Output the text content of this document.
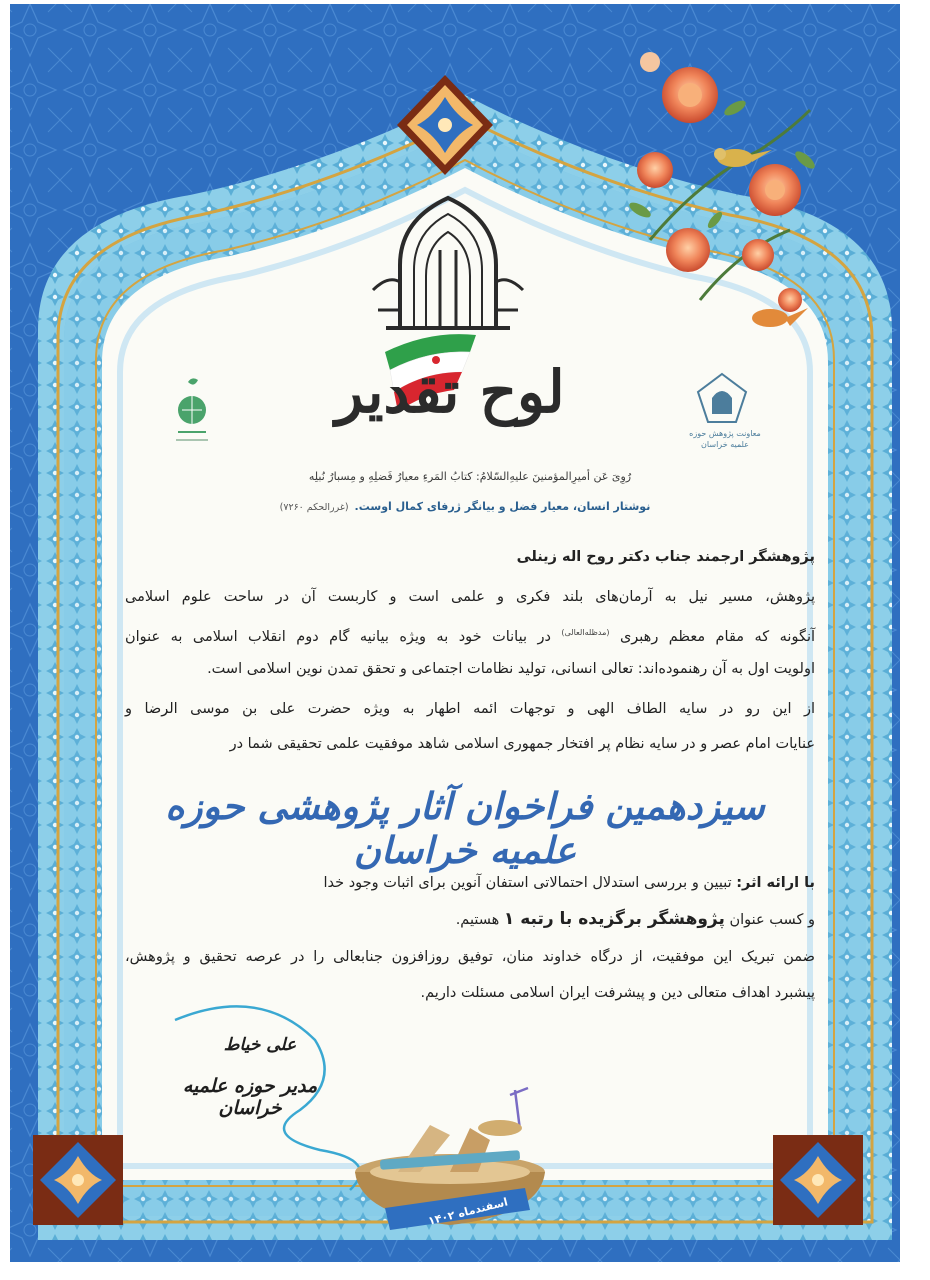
معاونت پژوهش حوزه علمیه خراسان
لوح تقدیر
رُوِیَ عَن أمیرِالمؤمنینَ علیهِ‌السّلامُ: کتابُ المَرءِ معیارُ فَضلِهِ و مِسبارُ نُبلِه
نوشتار انسان، معیار فضل و بیانگر ژرفای کمال اوست.(غررالحکم ۷۲۶۰)
پژوهشگر ارجمند جناب دکتر روح اله زینلی
پژوهش، مسیر نیل به آرمان‌های بلند فکری و علمی است و کاربست آن در ساحت علوم اسلامی
آنگونه که مقام معظم رهبری $^{(مدظله‌العالی)}$ در بیانات خود به ویژه بیانیه گام دوم انقلاب اسلامی به عنوان
اولویت اول به آن رهنموده‌اند: تعالی انسانی، تولید نظامات اجتماعی و تحقق تمدن نوین اسلامی است.
از این رو در سایه الطاف الهی و توجهات ائمه اطهار به ویژه حضرت علی بن موسی الرضا و
عنایات امام عصر و در سایه نظام پر افتخار جمهوری اسلامی شاهد موفقیت علمی تحقیقی شما در
سیزدهمین فراخوان آثار پژوهشی حوزه علمیه خراسان
با ارائه اثر: تبیین و بررسی استدلال احتمالاتی استفان آنوین برای اثبات وجود خدا
و کسب عنوان پژوهشگر برگزیده با رتبه ۱ هستیم.
ضمن تبریک این موفقیت، از درگاه خداوند منان، توفیق روزافزون جنابعالی را در عرصه تحقیق و پژوهش،
پیشبرد اهداف متعالی دین و پیشرفت ایران اسلامی مسئلت داریم.
علی خیاط
مدیر حوزه علمیه خراسان
اسفندماه ۱۴۰۲
